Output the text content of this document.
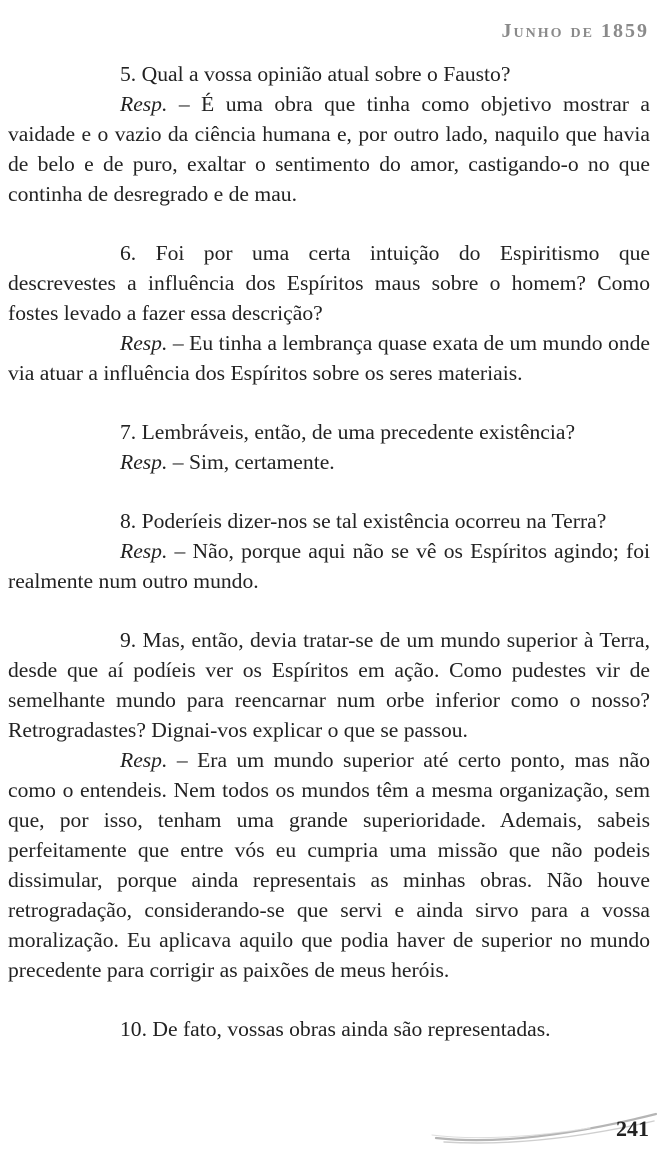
Junho de 1859

5. Qual a vossa opinião atual sobre o Fausto?

Resp. – É uma obra que tinha como objetivo mostrar a vaidade e o vazio da ciência humana e, por outro lado, naquilo que havia de belo e de puro, exaltar o sentimento do amor, castigando-o no que continha de desregrado e de mau.

6. Foi por uma certa intuição do Espiritismo que descrevestes a influência dos Espíritos maus sobre o homem? Como fostes levado a fazer essa descrição?

Resp. – Eu tinha a lembrança quase exata de um mundo onde via atuar a influência dos Espíritos sobre os seres materiais.

7. Lembráveis, então, de uma precedente existência?

Resp. – Sim, certamente.

8. Poderíeis dizer-nos se tal existência ocorreu na Terra?

Resp. – Não, porque aqui não se vê os Espíritos agindo; foi realmente num outro mundo.

9. Mas, então, devia tratar-se de um mundo superior à Terra, desde que aí podíeis ver os Espíritos em ação. Como pudestes vir de semelhante mundo para reencarnar num orbe inferior como o nosso? Retrogradastes? Dignai-vos explicar o que se passou.

Resp. – Era um mundo superior até certo ponto, mas não como o entendeis. Nem todos os mundos têm a mesma organização, sem que, por isso, tenham uma grande superioridade. Ademais, sabeis perfeitamente que entre vós eu cumpria uma missão que não podeis dissimular, porque ainda representais as minhas obras. Não houve retrogradação, considerando-se que servi e ainda sirvo para a vossa moralização. Eu aplicava aquilo que podia haver de superior no mundo precedente para corrigir as paixões de meus heróis.

10. De fato, vossas obras ainda são representadas.

241
